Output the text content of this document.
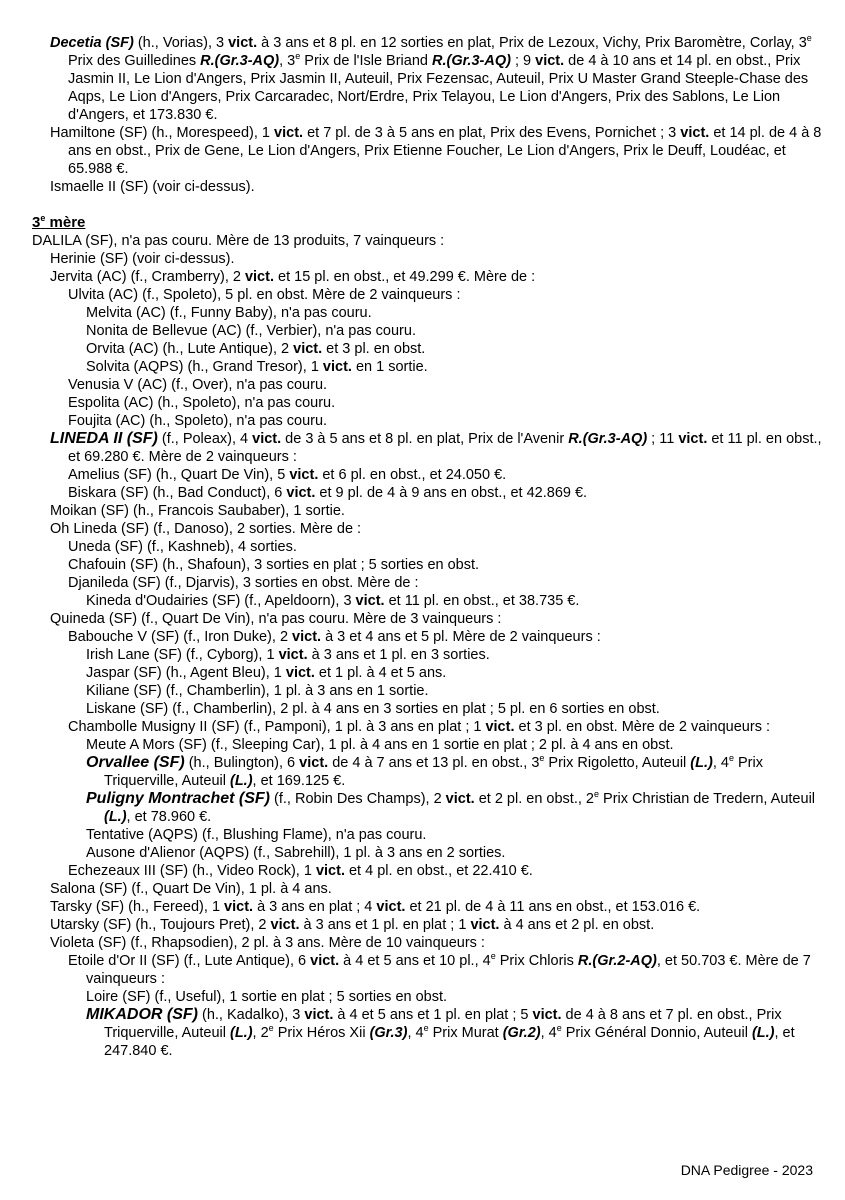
Decetia (SF) (h., Vorias), 3 vict. à 3 ans et 8 pl. en 12 sorties en plat, Prix de Lezoux, Vichy, Prix Baromètre, Corlay, 3e Prix des Guilledines R.(Gr.3-AQ), 3e Prix de l'Isle Briand R.(Gr.3-AQ) ; 9 vict. de 4 à 10 ans et 14 pl. en obst., Prix Jasmin II, Le Lion d'Angers, Prix Jasmin II, Auteuil, Prix Fezensac, Auteuil, Prix U Master Grand Steeple-Chase des Aqps, Le Lion d'Angers, Prix Carcaradec, Nort/Erdre, Prix Telayou, Le Lion d'Angers, Prix des Sablons, Le Lion d'Angers, et 173.830 €.
Hamiltone (SF) (h., Morespeed), 1 vict. et 7 pl. de 3 à 5 ans en plat, Prix des Evens, Pornichet ; 3 vict. et 14 pl. de 4 à 8 ans en obst., Prix de Gene, Le Lion d'Angers, Prix Etienne Foucher, Le Lion d'Angers, Prix le Deuff, Loudéac, et 65.988 €.
Ismaelle II (SF) (voir ci-dessus).
3e mère
DALILA (SF), n'a pas couru. Mère de 13 produits, 7 vainqueurs :
Herinie (SF) (voir ci-dessus).
Jervita (AC) (f., Cramberry), 2 vict. et 15 pl. en obst., et 49.299 €. Mère de :
Ulvita (AC) (f., Spoleto), 5 pl. en obst. Mère de 2 vainqueurs :
Melvita (AC) (f., Funny Baby), n'a pas couru.
Nonita de Bellevue (AC) (f., Verbier), n'a pas couru.
Orvita (AC) (h., Lute Antique), 2 vict. et 3 pl. en obst.
Solvita (AQPS) (h., Grand Tresor), 1 vict. en 1 sortie.
Venusia V (AC) (f., Over), n'a pas couru.
Espolita (AC) (h., Spoleto), n'a pas couru.
Foujita (AC) (h., Spoleto), n'a pas couru.
LINEDA II (SF) (f., Poleax), 4 vict. de 3 à 5 ans et 8 pl. en plat, Prix de l'Avenir R.(Gr.3-AQ) ; 11 vict. et 11 pl. en obst., et 69.280 €. Mère de 2 vainqueurs :
Amelius (SF) (h., Quart De Vin), 5 vict. et 6 pl. en obst., et 24.050 €.
Biskara (SF) (h., Bad Conduct), 6 vict. et 9 pl. de 4 à 9 ans en obst., et 42.869 €.
Moikan (SF) (h., Francois Saubaber), 1 sortie.
Oh Lineda (SF) (f., Danoso), 2 sorties. Mère de :
Uneda (SF) (f., Kashneb), 4 sorties.
Chafouin (SF) (h., Shafoun), 3 sorties en plat ; 5 sorties en obst.
Djanileda (SF) (f., Djarvis), 3 sorties en obst. Mère de :
Kineda d'Oudairies (SF) (f., Apeldoorn), 3 vict. et 11 pl. en obst., et 38.735 €.
Quineda (SF) (f., Quart De Vin), n'a pas couru. Mère de 3 vainqueurs :
Babouche V (SF) (f., Iron Duke), 2 vict. à 3 et 4 ans et 5 pl. Mère de 2 vainqueurs :
Irish Lane (SF) (f., Cyborg), 1 vict. à 3 ans et 1 pl. en 3 sorties.
Jaspar (SF) (h., Agent Bleu), 1 vict. et 1 pl. à 4 et 5 ans.
Kiliane (SF) (f., Chamberlin), 1 pl. à 3 ans en 1 sortie.
Liskane (SF) (f., Chamberlin), 2 pl. à 4 ans en 3 sorties en plat ; 5 pl. en 6 sorties en obst.
Chambolle Musigny II (SF) (f., Pamponi), 1 pl. à 3 ans en plat ; 1 vict. et 3 pl. en obst. Mère de 2 vainqueurs :
Meute A Mors (SF) (f., Sleeping Car), 1 pl. à 4 ans en 1 sortie en plat ; 2 pl. à 4 ans en obst.
Orvallee (SF) (h., Bulington), 6 vict. de 4 à 7 ans et 13 pl. en obst., 3e Prix Rigoletto, Auteuil (L.), 4e Prix Triquerville, Auteuil (L.), et 169.125 €.
Puligny Montrachet (SF) (f., Robin Des Champs), 2 vict. et 2 pl. en obst., 2e Prix Christian de Tredern, Auteuil (L.), et 78.960 €.
Tentative (AQPS) (f., Blushing Flame), n'a pas couru.
Ausone d'Alienor (AQPS) (f., Sabrehill), 1 pl. à 3 ans en 2 sorties.
Echezeaux III (SF) (h., Video Rock), 1 vict. et 4 pl. en obst., et 22.410 €.
Salona (SF) (f., Quart De Vin), 1 pl. à 4 ans.
Tarsky (SF) (h., Fereed), 1 vict. à 3 ans en plat ; 4 vict. et 21 pl. de 4 à 11 ans en obst., et 153.016 €.
Utarsky (SF) (h., Toujours Pret), 2 vict. à 3 ans et 1 pl. en plat ; 1 vict. à 4 ans et 2 pl. en obst.
Violeta (SF) (f., Rhapsodien), 2 pl. à 3 ans. Mère de 10 vainqueurs :
Etoile d'Or II (SF) (f., Lute Antique), 6 vict. à 4 et 5 ans et 10 pl., 4e Prix Chloris R.(Gr.2-AQ), et 50.703 €. Mère de 7 vainqueurs :
Loire (SF) (f., Useful), 1 sortie en plat ; 5 sorties en obst.
MIKADOR (SF) (h., Kadalko), 3 vict. à 4 et 5 ans et 1 pl. en plat ; 5 vict. de 4 à 8 ans et 7 pl. en obst., Prix Triquerville, Auteuil (L.), 2e Prix Héros Xii (Gr.3), 4e Prix Murat (Gr.2), 4e Prix Général Donnio, Auteuil (L.), et 247.840 €.
DNA Pedigree - 2023
